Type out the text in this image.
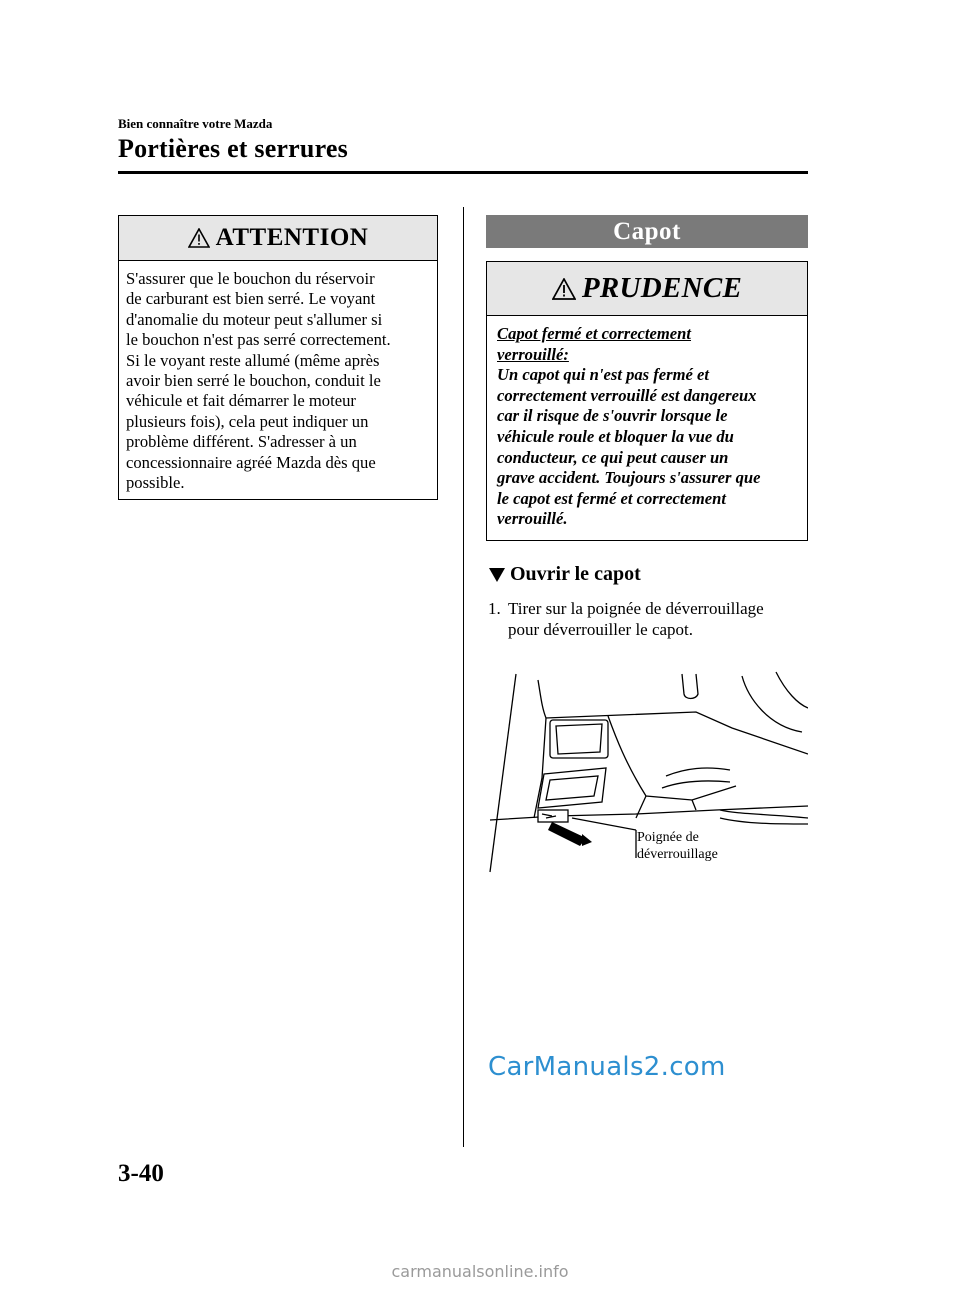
Bien connaître votre Mazda
Portières et serrures
ATTENTION
S'assurer que le bouchon du réservoir
de carburant est bien serré. Le voyant
d'anomalie du moteur peut s'allumer si
le bouchon n'est pas serré correctement.
Si le voyant reste allumé (même après
avoir bien serré le bouchon, conduit le
véhicule et fait démarrer le moteur
plusieurs fois), cela peut indiquer un
problème différent. S'adresser à un
concessionnaire agréé Mazda dès que
possible.
Capot
PRUDENCE
Capot fermé et correctement
verrouillé:
Un capot qui n'est pas fermé et
correctement verrouillé est dangereux
car il risque de s'ouvrir lorsque le
véhicule roule et bloquer la vue du
conducteur, ce qui peut causer un
grave accident. Toujours s'assurer que
le capot est fermé et correctement
verrouillé.
Ouvrir le capot
1. Tirer sur la poignée de déverrouillage
pour déverrouiller le capot.
Poignée de
déverrouillage
CarManuals2.com
3-40
carmanualsonline.info
